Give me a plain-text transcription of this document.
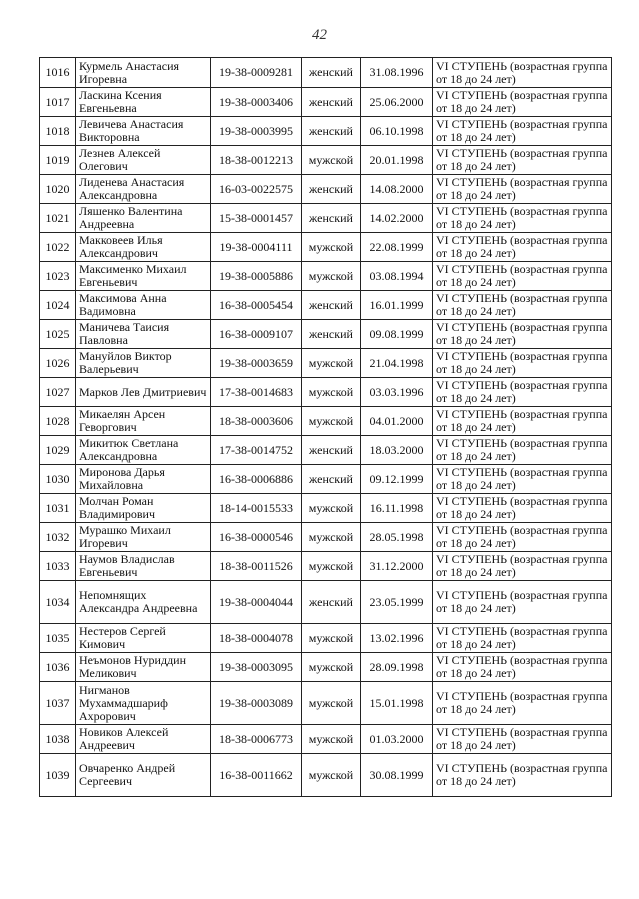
42
1016	Курмель Анастасия Игоревна	19-38-0009281	женский	31.08.1996	VI СТУПЕНЬ (возрастная группа от 18 до 24 лет)
1017	Ласкина Ксения Евгеньевна	19-38-0003406	женский	25.06.2000	VI СТУПЕНЬ (возрастная группа от 18 до 24 лет)
1018	Левичева Анастасия Викторовна	19-38-0003995	женский	06.10.1998	VI СТУПЕНЬ (возрастная группа от 18 до 24 лет)
1019	Лезнев Алексей Олегович	18-38-0012213	мужской	20.01.1998	VI СТУПЕНЬ (возрастная группа от 18 до 24 лет)
1020	Лиденева Анастасия Александровна	16-03-0022575	женский	14.08.2000	VI СТУПЕНЬ (возрастная группа от 18 до 24 лет)
1021	Ляшенко Валентина Андреевна	15-38-0001457	женский	14.02.2000	VI СТУПЕНЬ (возрастная группа от 18 до 24 лет)
1022	Макковеев Илья Александрович	19-38-0004111	мужской	22.08.1999	VI СТУПЕНЬ (возрастная группа от 18 до 24 лет)
1023	Максименко Михаил Евгеньевич	19-38-0005886	мужской	03.08.1994	VI СТУПЕНЬ (возрастная группа от 18 до 24 лет)
1024	Максимова Анна Вадимовна	16-38-0005454	женский	16.01.1999	VI СТУПЕНЬ (возрастная группа от 18 до 24 лет)
1025	Маничева Таисия Павловна	16-38-0009107	женский	09.08.1999	VI СТУПЕНЬ (возрастная группа от 18 до 24 лет)
1026	Мануйлов Виктор Валерьевич	19-38-0003659	мужской	21.04.1998	VI СТУПЕНЬ (возрастная группа от 18 до 24 лет)
1027	Марков Лев Дмитриевич	17-38-0014683	мужской	03.03.1996	VI СТУПЕНЬ (возрастная группа от 18 до 24 лет)
1028	Микаелян Арсен Геворгович	18-38-0003606	мужской	04.01.2000	VI СТУПЕНЬ (возрастная группа от 18 до 24 лет)
1029	Микитюк Светлана Александровна	17-38-0014752	женский	18.03.2000	VI СТУПЕНЬ (возрастная группа от 18 до 24 лет)
1030	Миронова Дарья Михайловна	16-38-0006886	женский	09.12.1999	VI СТУПЕНЬ (возрастная группа от 18 до 24 лет)
1031	Молчан Роман Владимирович	18-14-0015533	мужской	16.11.1998	VI СТУПЕНЬ (возрастная группа от 18 до 24 лет)
1032	Мурашко Михаил Игоревич	16-38-0000546	мужской	28.05.1998	VI СТУПЕНЬ (возрастная группа от 18 до 24 лет)
1033	Наумов Владислав Евгеньевич	18-38-0011526	мужской	31.12.2000	VI СТУПЕНЬ (возрастная группа от 18 до 24 лет)
1034	Непомнящих Александра Андреевна	19-38-0004044	женский	23.05.1999	VI СТУПЕНЬ (возрастная группа от 18 до 24 лет)
1035	Нестеров Сергей Кимович	18-38-0004078	мужской	13.02.1996	VI СТУПЕНЬ (возрастная группа от 18 до 24 лет)
1036	Неъмонов Нуриддин Меликович	19-38-0003095	мужской	28.09.1998	VI СТУПЕНЬ (возрастная группа от 18 до 24 лет)
1037	Нигманов Мухаммадшариф Ахрорович	19-38-0003089	мужской	15.01.1998	VI СТУПЕНЬ (возрастная группа от 18 до 24 лет)
1038	Новиков Алексей Андреевич	18-38-0006773	мужской	01.03.2000	VI СТУПЕНЬ (возрастная группа от 18 до 24 лет)
1039	Овчаренко Андрей Сергеевич	16-38-0011662	мужской	30.08.1999	VI СТУПЕНЬ (возрастная группа от 18 до 24 лет)
